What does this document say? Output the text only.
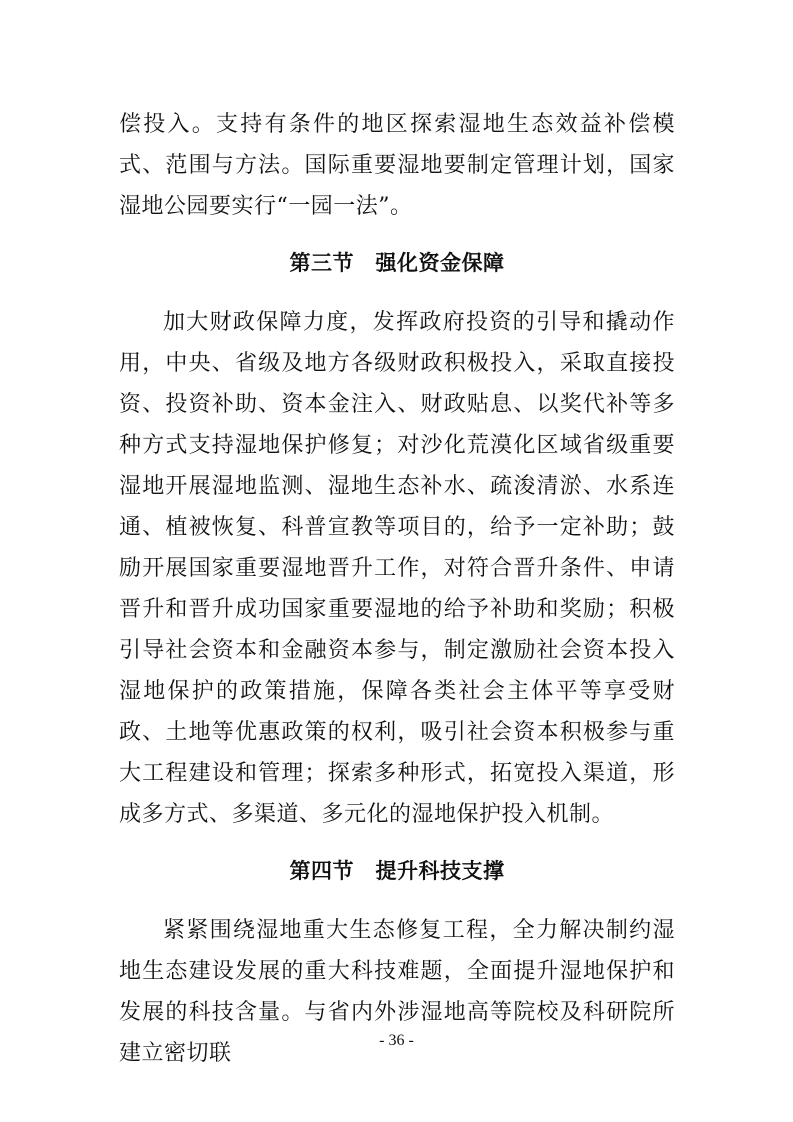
偿投入。支持有条件的地区探索湿地生态效益补偿模式、范围与方法。国际重要湿地要制定管理计划，国家湿地公园要实行“一园一法”。

第三节　强化资金保障

加大财政保障力度，发挥政府投资的引导和撬动作用，中央、省级及地方各级财政积极投入，采取直接投资、投资补助、资本金注入、财政贴息、以奖代补等多种方式支持湿地保护修复；对沙化荒漠化区域省级重要湿地开展湿地监测、湿地生态补水、疏浚清淤、水系连通、植被恢复、科普宣教等项目的，给予一定补助；鼓励开展国家重要湿地晋升工作，对符合晋升条件、申请晋升和晋升成功国家重要湿地的给予补助和奖励；积极引导社会资本和金融资本参与，制定激励社会资本投入湿地保护的政策措施，保障各类社会主体平等享受财政、土地等优惠政策的权利，吸引社会资本积极参与重大工程建设和管理；探索多种形式，拓宽投入渠道，形成多方式、多渠道、多元化的湿地保护投入机制。

第四节　提升科技支撑

紧紧围绕湿地重大生态修复工程，全力解决制约湿地生态建设发展的重大科技难题，全面提升湿地保护和发展的科技含量。与省内外涉湿地高等院校及科研院所建立密切联

- 36 -
